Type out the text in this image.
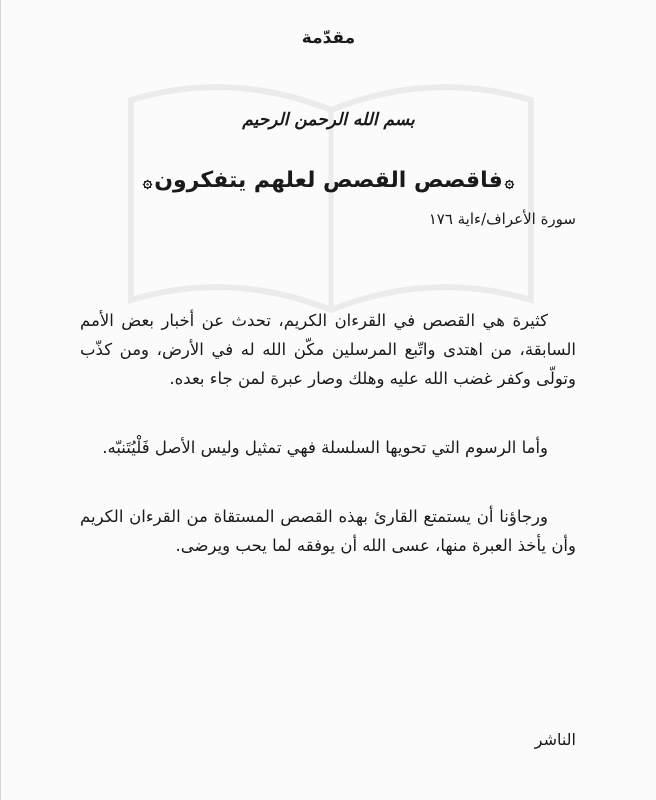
مقدّمة
بسم الله الرحمن الرحيم
۞فاقصص القصص لعلهم يتفكرون۞
سورة الأعراف/ءاية ١٧٦

كثيرة هي القصص في القرءان الكريم، تحدث عن أخبار بعض الأمم السابقة، من اهتدى واتّبع المرسلين مكّن الله له في الأرض، ومن كذّب وتولّى وكفر غضب الله عليه وهلك وصار عبرة لمن جاء بعده.

وأما الرسوم التي تحويها السلسلة فهي تمثيل وليس الأصل فَلْيُتَنبّه.

ورجاؤنا أن يستمتع القارئ بهذه القصص المستقاة من القرءان الكريم وأن يأخذ العبرة منها، عسى الله أن يوفقه لما يحب ويرضى.

الناشر
